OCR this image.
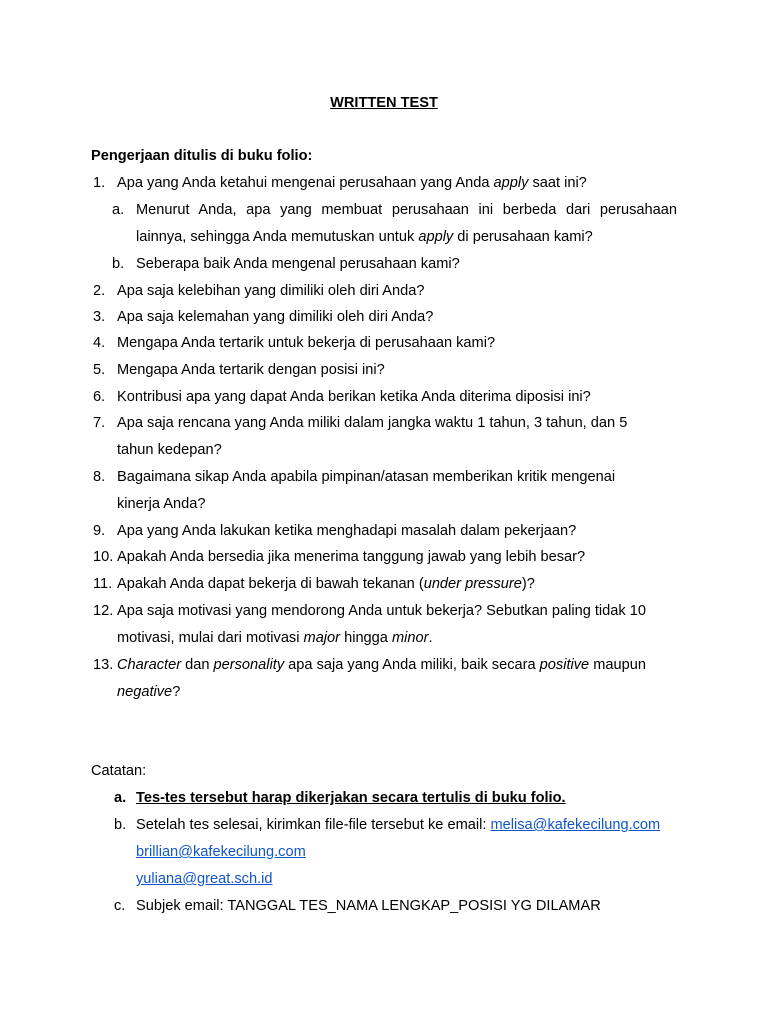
WRITTEN TEST
Pengerjaan ditulis di buku folio:
1. Apa yang Anda ketahui mengenai perusahaan yang Anda apply saat ini?
a. Menurut Anda, apa yang membuat perusahaan ini berbeda dari perusahaan
lainnya, sehingga Anda memutuskan untuk apply di perusahaan kami?
b. Seberapa baik Anda mengenal perusahaan kami?
2. Apa saja kelebihan yang dimiliki oleh diri Anda?
3. Apa saja kelemahan yang dimiliki oleh diri Anda?
4. Mengapa Anda tertarik untuk bekerja di perusahaan kami?
5. Mengapa Anda tertarik dengan posisi ini?
6. Kontribusi apa yang dapat Anda berikan ketika Anda diterima diposisi ini?
7. Apa saja rencana yang Anda miliki dalam jangka waktu 1 tahun, 3 tahun, dan 5
tahun kedepan?
8. Bagaimana sikap Anda apabila pimpinan/atasan memberikan kritik mengenai
kinerja Anda?
9. Apa yang Anda lakukan ketika menghadapi masalah dalam pekerjaan?
10. Apakah Anda bersedia jika menerima tanggung jawab yang lebih besar?
11. Apakah Anda dapat bekerja di bawah tekanan (under pressure)?
12. Apa saja motivasi yang mendorong Anda untuk bekerja? Sebutkan paling tidak 10
motivasi, mulai dari motivasi major hingga minor.
13. Character dan personality apa saja yang Anda miliki, baik secara positive maupun
negative?
Catatan:
a. Tes-tes tersebut harap dikerjakan secara tertulis di buku folio.
b. Setelah tes selesai, kirimkan file-file tersebut ke email: melisa@kafekecilung.com
brillian@kafekecilung.com
yuliana@great.sch.id
c. Subjek email: TANGGAL TES_NAMA LENGKAP_POSISI YG DILAMAR
